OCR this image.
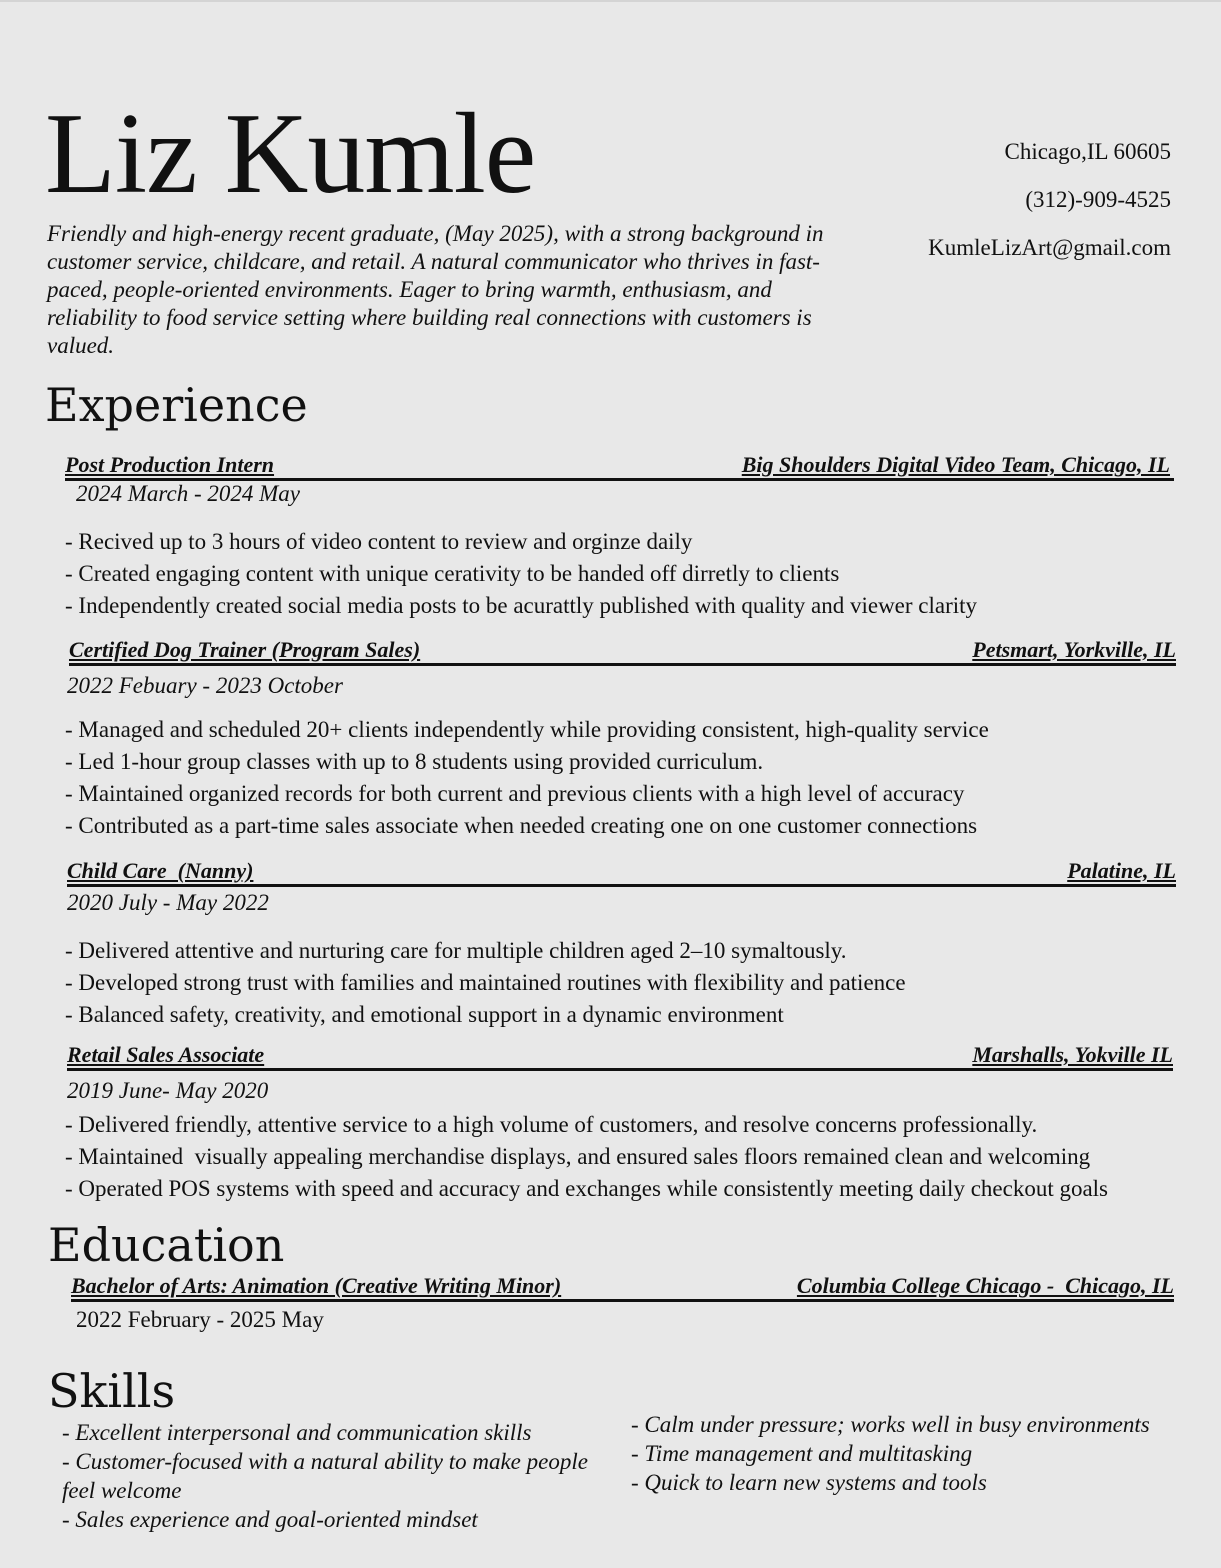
Liz Kumle	Chicago,IL 60605
(312)-909-4525
KumleLizArt@gmail.com
Friendly and high-energy recent graduate, (May 2025), with a strong background in customer service, childcare, and retail. A natural communicator who thrives in fast-paced, people-oriented environments. Eager to bring warmth, enthusiasm, and reliability to food service setting where building real connections with customers is valued.
Experience
Post Production Intern	Big Shoulders Digital Video Team, Chicago, IL
2024 March - 2024 May
- Recived up to 3 hours of video content to review and orginze daily
- Created engaging content with unique cerativity to be handed off dirretly to clients
- Independently created social media posts to be acurattly published with quality and viewer clarity
Certified Dog Trainer (Program Sales)	Petsmart, Yorkville, IL
2022 Febuary - 2023 October
- Managed and scheduled 20+ clients independently while providing consistent, high-quality service
- Led 1-hour group classes with up to 8 students using provided curriculum.
- Maintained organized records for both current and previous clients with a high level of accuracy
- Contributed as a part-time sales associate when needed creating one on one customer connections
Child Care  (Nanny)	Palatine, IL
2020 July - May 2022
- Delivered attentive and nurturing care for multiple children aged 2–10 symaltously.
- Developed strong trust with families and maintained routines with flexibility and patience
- Balanced safety, creativity, and emotional support in a dynamic environment
Retail Sales Associate	Marshalls, Yokville IL
2019 June- May 2020
- Delivered friendly, attentive service to a high volume of customers, and resolve concerns professionally.
- Maintained  visually appealing merchandise displays, and ensured sales floors remained clean and welcoming
- Operated POS systems with speed and accuracy and exchanges while consistently meeting daily checkout goals
Education
Bachelor of Arts: Animation (Creative Writing Minor)	Columbia College Chicago -  Chicago, IL
2022 February - 2025 May
Skills
- Excellent interpersonal and communication skills
- Customer-focused with a natural ability to make people feel welcome
- Sales experience and goal-oriented mindset
- Calm under pressure; works well in busy environments
- Time management and multitasking
- Quick to learn new systems and tools
